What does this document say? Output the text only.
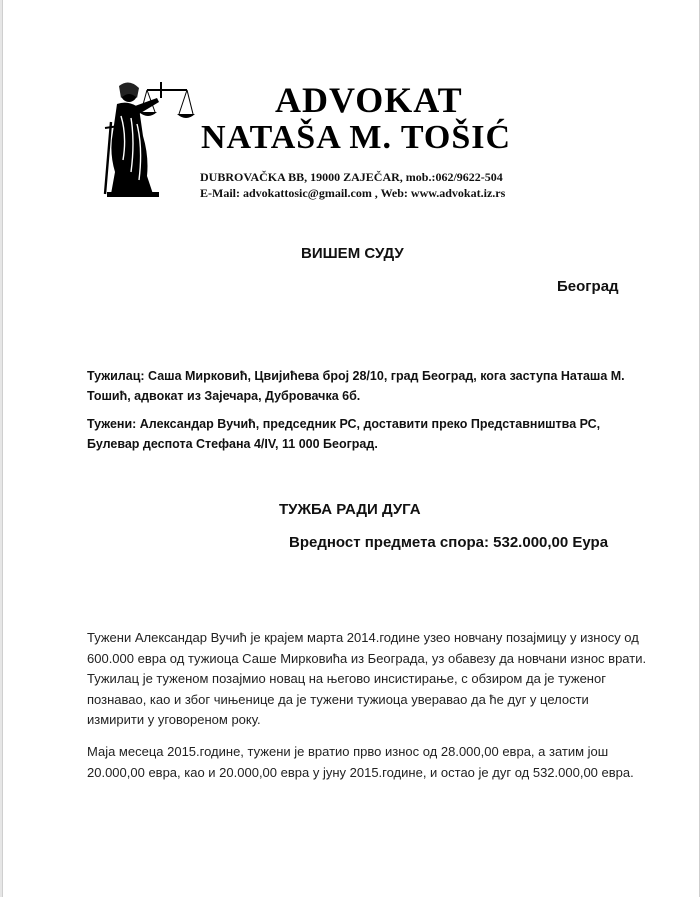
ADVOKAT
NATAŠA M. TOŠIĆ
DUBROVAČKA BB, 19000 ZAJEČAR, mob.:062/9622-504
E-Mail: advokattosic@gmail.com , Web: www.advokat.iz.rs
ВИШЕМ СУДУ
Београд
Тужилац: Саша Мирковић, Цвијићева број 28/10, град Београд, кога заступа Наташа М. Тошић, адвокат из Зајечара, Дубровачка 6б.
Тужени: Александар Вучић, председник РС, доставити преко Представништва РС, Булевар деспота Стефана 4/IV, 11 000 Београд.
ТУЖБА РАДИ ДУГА
Вредност предмета спора: 532.000,00 Еура
Тужени Алекcандар Вучић је крајем марта 2014.године узео новчану позајмицу у износу од 600.000 евра од тужиоца Саше Мирковића из Београда, уз обавезу да новчани износ врати. Тужилац је туженом позајмио новац на његово инсистирање, с обзиром да је туженог познавао, као и због чињенице да је тужени тужиоца уверавао да ће дуг у целости измирити у уговореном року.
Маја месеца 2015.године, тужени је вратио прво износ од 28.000,00 евра, а затим још 20.000,00 евра, као и 20.000,00 евра у јуну 2015.године, и остао је дуг од 532.000,00 евра.
